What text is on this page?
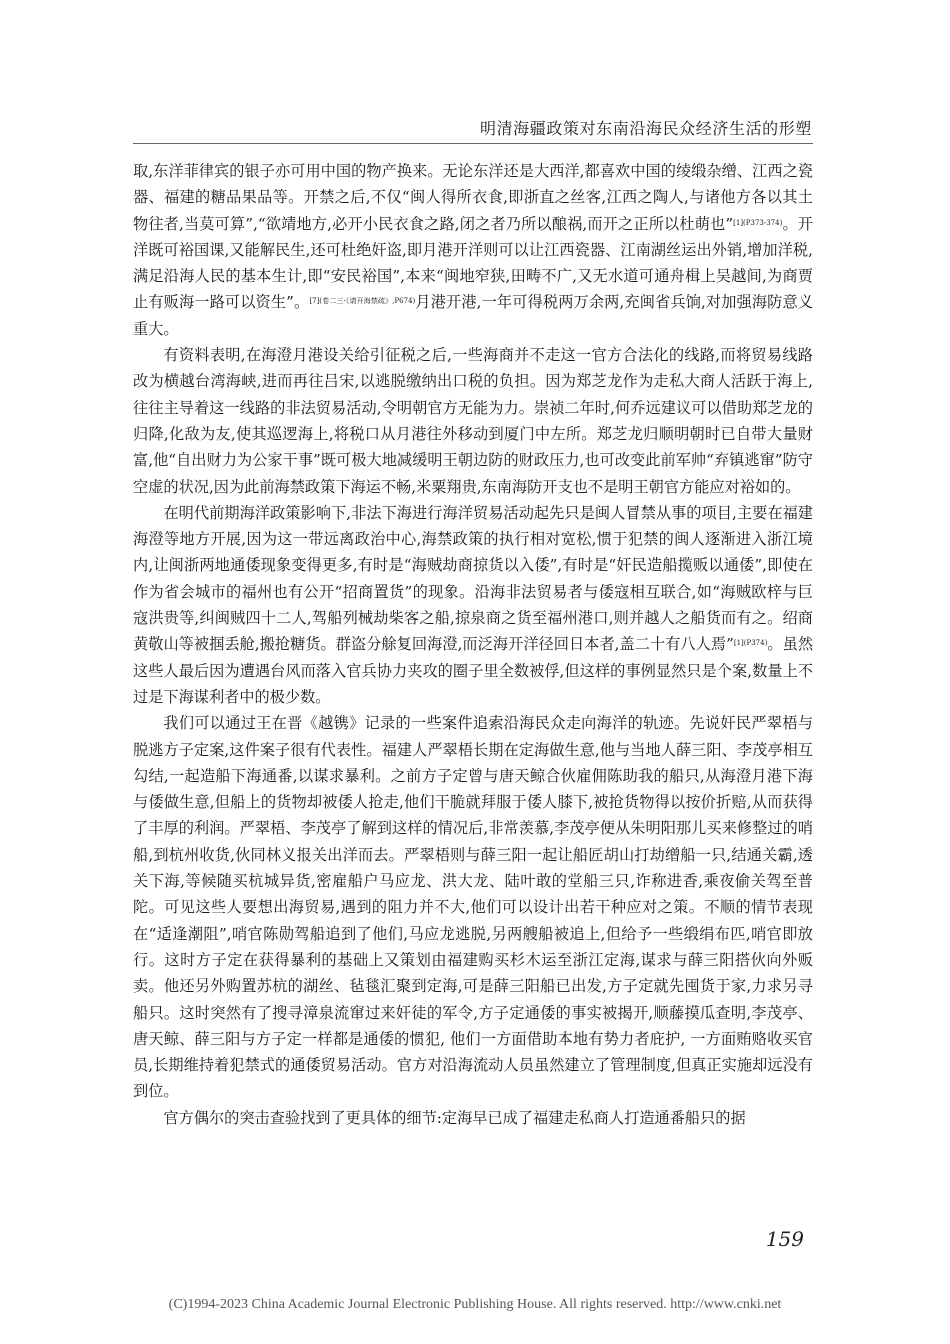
明清海疆政策对东南沿海民众经济生活的形塑

取,东洋菲律宾的银子亦可用中国的物产换来。无论东洋还是大西洋,都喜欢中国的绫缎杂缯、江西之瓷器、福建的糖品果品等。开禁之后,不仅“闽人得所衣食,即浙直之丝客,江西之陶人,与诸他方各以其土物往者,当莫可算”,“欲靖地方,必开小民衣食之路,闭之者乃所以酿祸,而开之正所以杜萌也”$^{[1](P373-374)}$。开洋既可裕国课,又能解民生,还可杜绝奸盗,即月港开洋则可以让江西瓷器、江南湖丝运出外销,增加洋税,满足沿海人民的基本生计,即“安民裕国”,本来“闽地窄狭,田畴不广,又无水道可通舟楫上吴越间,为商贾止有贩海一路可以资生”。$^{[7](卷二三\cdot《请开海禁疏》,P674)}$月港开港,一年可得税两万余两,充闽省兵饷,对加强海防意义重大。

有资料表明,在海澄月港设关给引征税之后,一些海商并不走这一官方合法化的线路,而将贸易线路改为横越台湾海峡,进而再往吕宋,以逃脱缴纳出口税的负担。因为郑芝龙作为走私大商人活跃于海上,往往主导着这一线路的非法贸易活动,令明朝官方无能为力。崇祯二年时,何乔远建议可以借助郑芝龙的归降,化敌为友,使其巡逻海上,将税口从月港往外移动到厦门中左所。郑芝龙归顺明朝时已自带大量财富,他“自出财力为公家干事”既可极大地减缓明王朝边防的财政压力,也可改变此前军帅“弃镇逃窜”防守空虚的状况,因为此前海禁政策下海运不畅,米粟翔贵,东南海防开支也不是明王朝官方能应对裕如的。

在明代前期海洋政策影响下,非法下海进行海洋贸易活动起先只是闽人冒禁从事的项目,主要在福建海澄等地方开展,因为这一带远离政治中心,海禁政策的执行相对宽松,惯于犯禁的闽人逐渐进入浙江境内,让闽浙两地通倭现象变得更多,有时是“海贼劫商掠货以入倭”,有时是“奸民造船揽贩以通倭”,即使在作为省会城市的福州也有公开“招商置货”的现象。沿海非法贸易者与倭寇相互联合,如“海贼欧梓与巨寇洪贵等,纠闽贼四十二人,驾船列械劫柴客之船,掠泉商之货至福州港口,则并越人之船货而有之。绍商黄敬山等被掴丢舱,搬抢糖货。群盗分艅复回海澄,而泛海开洋径回日本者,盖二十有八人焉”$^{[1](P374)}$。虽然这些人最后因为遭遇台风而落入官兵协力夹攻的圈子里全数被俘,但这样的事例显然只是个案,数量上不过是下海谋利者中的极少数。

我们可以通过王在晋《越镌》记录的一些案件追索沿海民众走向海洋的轨迹。先说奸民严翠梧与脱逃方子定案,这件案子很有代表性。福建人严翠梧长期在定海做生意,他与当地人薛三阳、李茂亭相互勾结,一起造船下海通番,以谋求暴利。之前方子定曾与唐天鲸合伙雇佣陈助我的船只,从海澄月港下海与倭做生意,但船上的货物却被倭人抢走,他们干脆就拜服于倭人膝下,被抢货物得以按价折赔,从而获得了丰厚的利润。严翠梧、李茂亭了解到这样的情况后,非常羡慕,李茂亭便从朱明阳那儿买来修整过的哨船,到杭州收货,伙同林义报关出洋而去。严翠梧则与薛三阳一起让船匠胡山打劫缯船一只,结通关霸,透关下海,等候随买杭城异货,密雇船户马应龙、洪大龙、陆叶敢的堂船三只,诈称进香,乘夜偷关驾至普陀。可见这些人要想出海贸易,遇到的阻力并不大,他们可以设计出若干种应对之策。不顺的情节表现在“适逢潮阻”,哨官陈勋驾船追到了他们,马应龙逃脱,另两艘船被追上,但给予一些缎绢布匹,哨官即放行。这时方子定在获得暴利的基础上又策划由福建购买杉木运至浙江定海,谋求与薛三阳搭伙向外贩卖。他还另外购置苏杭的湖丝、毡毯汇聚到定海,可是薛三阳船已出发,方子定就先囤货于家,力求另寻船只。这时突然有了搜寻漳泉流窜过来奸徒的军令,方子定通倭的事实被揭开,顺藤摸瓜查明,李茂亭、唐天鲸、薛三阳与方子定一样都是通倭的惯犯, 他们一方面借助本地有势力者庇护, 一方面贿赂收买官员,长期维持着犯禁式的通倭贸易活动。官方对沿海流动人员虽然建立了管理制度,但真正实施却远没有到位。

官方偶尔的突击查验找到了更具体的细节:定海早已成了福建走私商人打造通番船只的据

159
(C)1994-2023 China Academic Journal Electronic Publishing House. All rights reserved. http://www.cnki.net
